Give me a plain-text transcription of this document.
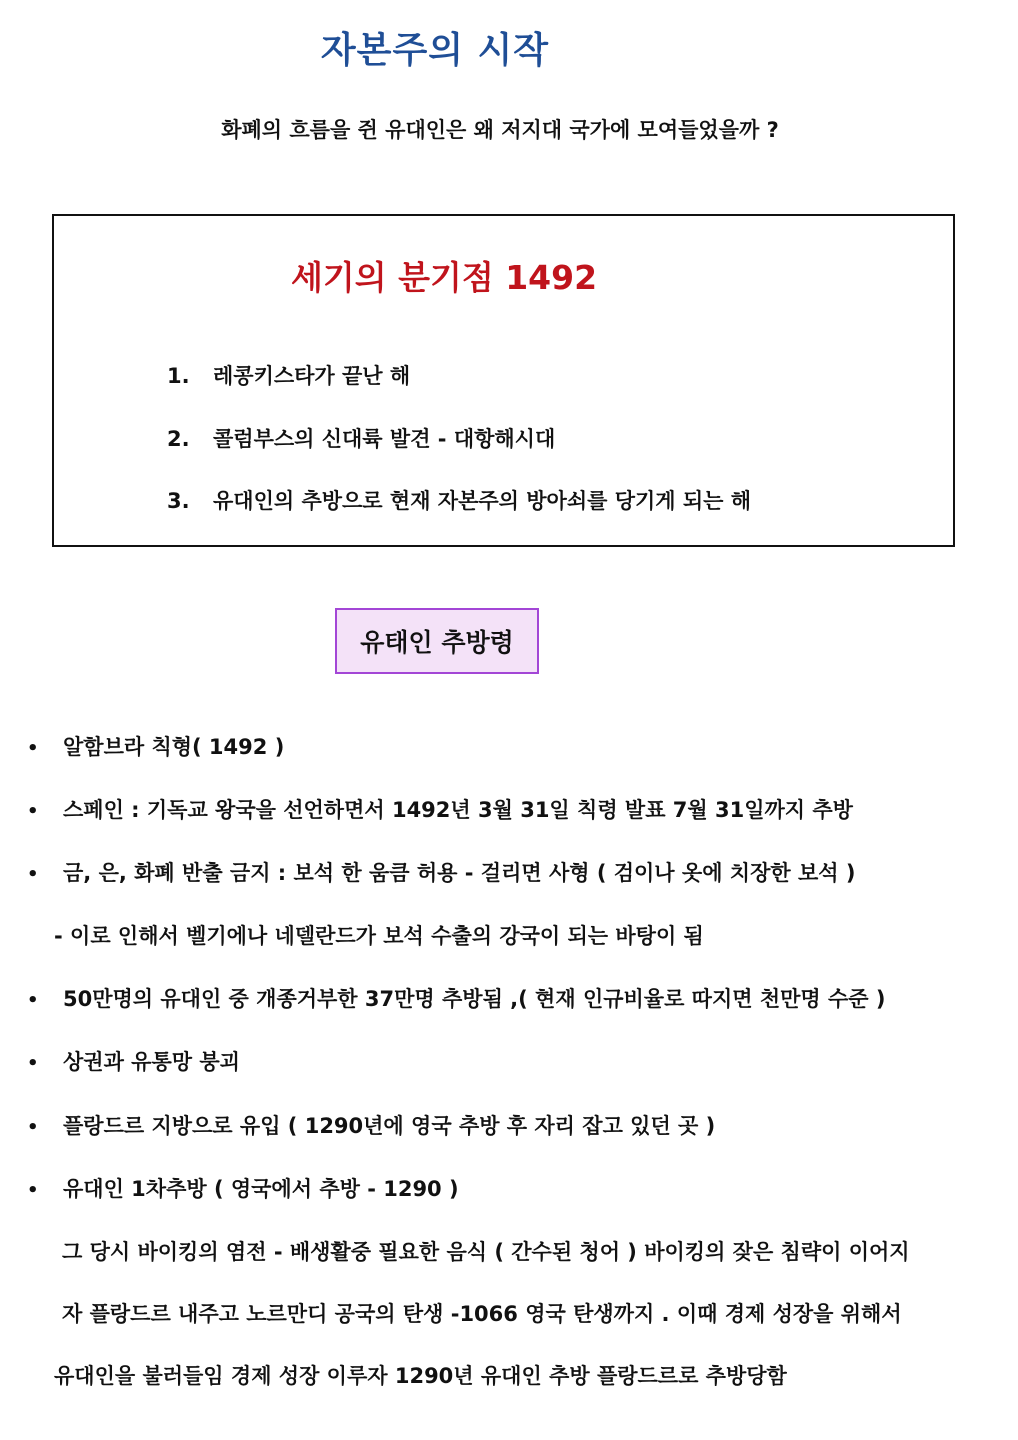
자본주의 시작
화폐의 흐름을 쥔 유대인은 왜 저지대 국가에 모여들었을까 ?
세기의 분기점 1492
1. 레콩키스타가 끝난 해
2. 콜럼부스의 신대륙 발견 - 대항해시대
3. 유대인의 추방으로 현재 자본주의 방아쇠를 당기게 되는 해
유태인 추방령
• 알함브라 칙형( 1492 )
• 스페인 : 기독교 왕국을 선언하면서 1492년 3월 31일 칙령 발표 7월 31일까지 추방
• 금, 은, 화폐 반출 금지 : 보석 한 움큼 허용 - 걸리면 사형 ( 검이나 옷에 치장한 보석 )
- 이로 인해서 벨기에나 네델란드가 보석 수출의 강국이 되는 바탕이 됨
• 50만명의 유대인 중 개종거부한 37만명 추방됨 ,( 현재 인규비율로 따지면 천만명 수준 )
• 상권과 유통망 붕괴
• 플랑드르 지방으로 유입 ( 1290년에 영국 추방 후 자리 잡고 있던 곳 )
• 유대인 1차추방 ( 영국에서 추방 - 1290 )
그 당시 바이킹의 염전 - 배생활중 필요한 음식 ( 간수된 청어 ) 바이킹의 잦은 침략이 이어지
자 플랑드르 내주고 노르만디 공국의 탄생 -1066 영국 탄생까지 . 이때 경제 성장을 위해서
유대인을 불러들임 경제 성장 이루자 1290년 유대인 추방 플랑드르로 추방당함
